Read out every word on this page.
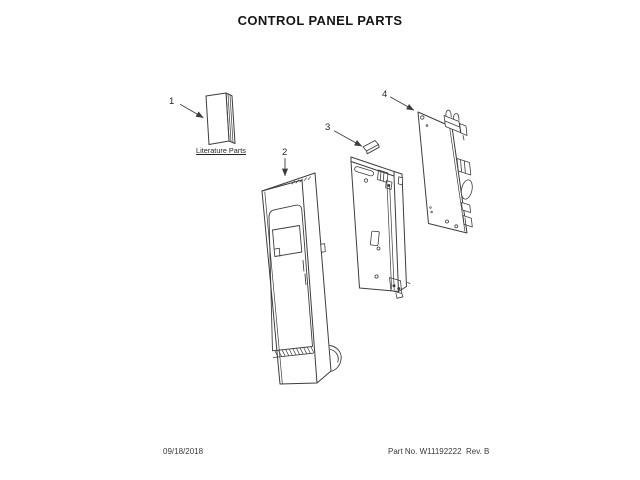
CONTROL PANEL PARTS
1
2
3
4
Literature Parts
09/18/2018	Part No. W11192222  Rev. B
